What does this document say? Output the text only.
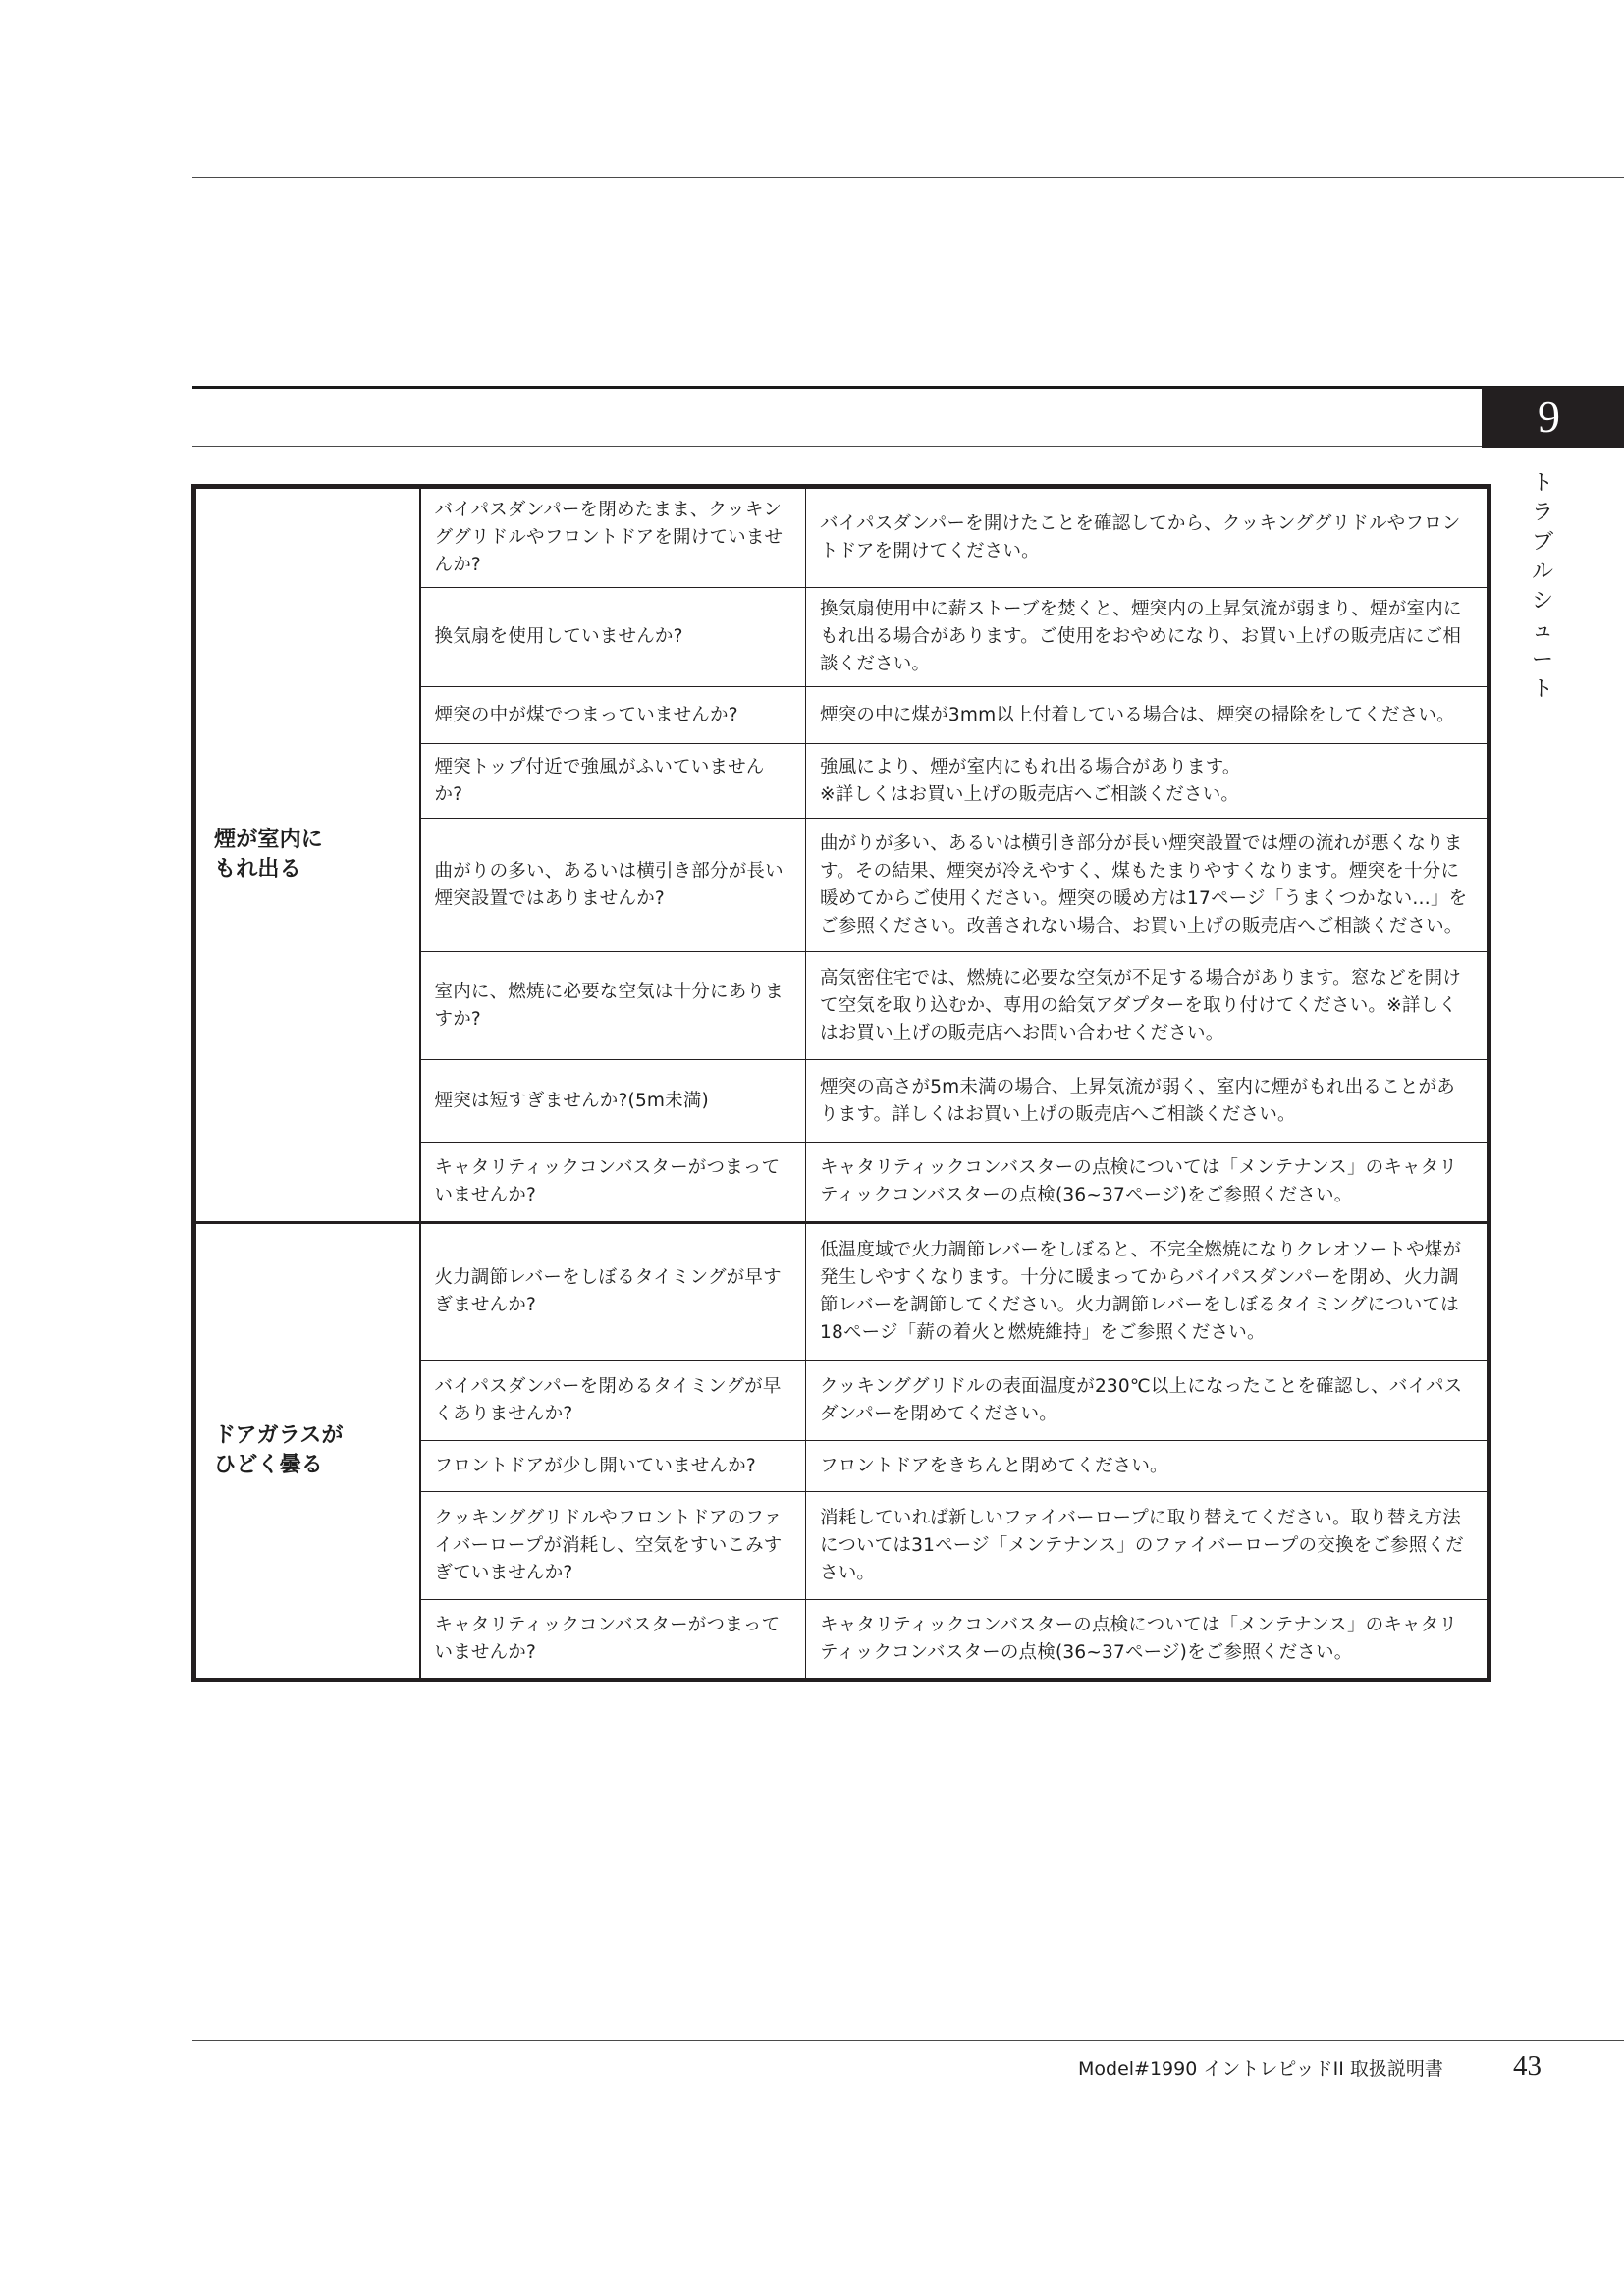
9
ト
ラ
ブ
ル
シ
ュ
ー
ト
煙が室内に
もれ出る	バイパスダンパーを閉めたまま、クッキンググリドルやフロントドアを開けていませんか?	バイパスダンパーを開けたことを確認してから、クッキンググリドルやフロントドアを開けてください。
	換気扇を使用していませんか?	換気扇使用中に薪ストーブを焚くと、煙突内の上昇気流が弱まり、煙が室内にもれ出る場合があります。ご使用をおやめになり、お買い上げの販売店にご相談ください。
	煙突の中が煤でつまっていませんか?	煙突の中に煤が3mm以上付着している場合は、煙突の掃除をしてください。
	煙突トップ付近で強風がふいていませんか?	強風により、煙が室内にもれ出る場合があります。
※詳しくはお買い上げの販売店へご相談ください。
	曲がりの多い、あるいは横引き部分が長い煙突設置ではありませんか?	曲がりが多い、あるいは横引き部分が長い煙突設置では煙の流れが悪くなります。その結果、煙突が冷えやすく、煤もたまりやすくなります。煙突を十分に暖めてからご使用ください。煙突の暖め方は17ページ「うまくつかない…」をご参照ください。改善されない場合、お買い上げの販売店へご相談ください。
	室内に、燃焼に必要な空気は十分にありますか?	高気密住宅では、燃焼に必要な空気が不足する場合があります。窓などを開けて空気を取り込むか、専用の給気アダプターを取り付けてください。※詳しくはお買い上げの販売店へお問い合わせください。
	煙突は短すぎませんか?(5m未満)	煙突の高さが5m未満の場合、上昇気流が弱く、室内に煙がもれ出ることがあります。詳しくはお買い上げの販売店へご相談ください。
	キャタリティックコンバスターがつまっていませんか?	キャタリティックコンバスターの点検については「メンテナンス」のキャタリティックコンバスターの点検(36~37ページ)をご参照ください。

ドアガラスが
ひどく曇る	火力調節レバーをしぼるタイミングが早すぎませんか?	低温度域で火力調節レバーをしぼると、不完全燃焼になりクレオソートや煤が発生しやすくなります。十分に暖まってからバイパスダンパーを閉め、火力調節レバーを調節してください。火力調節レバーをしぼるタイミングについては18ページ「薪の着火と燃焼維持」をご参照ください。
	バイパスダンパーを閉めるタイミングが早くありませんか?	クッキンググリドルの表面温度が230℃以上になったことを確認し、バイパスダンパーを閉めてください。
	フロントドアが少し開いていませんか?	フロントドアをきちんと閉めてください。
	クッキンググリドルやフロントドアのファイバーロープが消耗し、空気をすいこみすぎていませんか?	消耗していれば新しいファイバーロープに取り替えてください。取り替え方法については31ページ「メンテナンス」のファイバーロープの交換をご参照ください。
	キャタリティックコンバスターがつまっていませんか?	キャタリティックコンバスターの点検については「メンテナンス」のキャタリティックコンバスターの点検(36~37ページ)をご参照ください。
Model#1990 イントレピッドII 取扱説明書 43
